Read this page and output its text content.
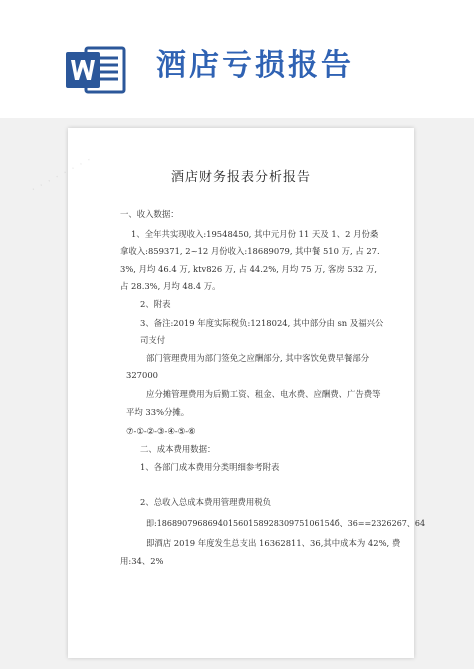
酒店亏损报告
· · · · · · · ·	酒店财务报表分析报告
一、收入数据：
1、全年共实现收入:19548450, 其中元月份 11 天及 1、2 月份桑
拿收入:859371, 2~12 月份收入:18689079, 其中餐 510 万, 占 27.
3%, 月均 46.4 万, ktv826 万, 占 44.2%, 月均 75 万, 客房 532 万,
占 28.3%, 月均 48.4 万。
2、附表
3、备注:2019 年度实际税负:1218024, 其中部分由 sn 及福兴公
司支付
部门管理费用为部门签免之应酬部分, 其中客饮免费早餐部分
327000
应分摊管理费用为后勤工资、租金、电水费、应酬费、广告费等
平均 33%分摊。
⑦-①-②-③-④-⑤-⑥
二、成本费用数据：
1、各部门成本费用分类明细参考附表
2、总收入总成本费用管理费用税负
即:18689079686940156015892830975106154б、36==2326267、64
即酒店 2019 年度发生总支出 16362811、36,其中成本为 42%, 费
用:34、2%
